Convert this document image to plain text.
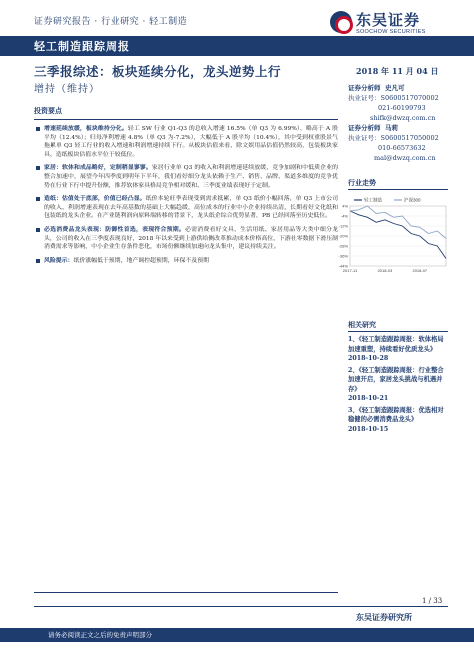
证券研究报告 · 行业研究 · 轻工制造	东吴证券
SOOCHOW SECURITIES
轻工制造跟踪周报
三季报综述：板块延续分化，龙头逆势上行
增持（维持）
2018 年 11 月 04 日
证券分析师 史凡可
执业证号：S0600517070002
021-60199793
shifk@dwzq.com.cn
证券分析师 马莉
执业证号：S0600517050002
010-66573632
mal@dwzq.com.cn
投资要点
增速延续放缓，板块维持分化。轻工 SW 行业 Q1-Q3 的总收入增速 16.5%（单 Q3 为 6.99%），略高于 A 股平均（12.4%）；归母净利增速 4.8%（单 Q3 为-7.2%），大幅低于 A 股平均（10.4%），其中受到权重股景气拖累单 Q3 轻工行业的收入增速和利润增速持续下行。从板块估值来看，除文娱用品估值仍然较高，包装板块家具、造纸板块估值水平位于较低位。
家居：软体和成品略好，定制稍显寥寥。家居行业单 Q3 的收入和利润增速延续放缓，竞争加剧和中低质企业的整合加速中，展望今年四季度到明年下半年，我们看好细分龙头依赖于生产、销售、品牌、渠道多维度的竞争优势在行业下行中提升份额，推荐软体家具格局竞争相对缓和、三季度业绩表现好于定制。
造纸：估值处于底部，价值已经凸显。纸价本轮旺季表现受到需求抵累，单 Q3 纸价小幅回落，单 Q3 上市公司的收入、利润增速表现在去年高基数的基础上大幅趋缓，高位成本的行业中小企业持续出清，长期看好文化纸和包装纸的龙头企业。在产业链利润向原料端转移的背景下，龙头纸企综合优势显著，PB 已经回落至历史低位。
必选消费品龙头表现：防御性首选，表现符合预期。必需消费看好文具、生活用纸、家居用品等大类中细分龙头，公司的收入在三季度表现良好，2018 年以来受到上游供给侧改革推动成本价格高位，下游社零数据下滑压制消费需求等影响，中小企业生存条件恶化，市场份额继续加速向龙头集中，建议持续关注。
风险提示：纸价涨幅低于预期，地产调控超预期，环保不及预期
行业走势
4%
-4%
-12%
-20%
-28%
-36%
-44%
2017-11	2018-03	2018-07
轻工制造	沪深300
相关研究
1、《轻工制造跟踪周报：软体格局加速重塑，持续看好优质龙头》
2018-10-28
2、《轻工制造跟踪周报：行业整合加速开启，家居龙头挑战与机遇并存》
2018-10-21
3、《轻工制造跟踪周报：优选相对稳健的必需消费品龙头》
2018-10-15
1 / 33
东吴证券研究所
请务必阅读正文之后的免责声明部分
